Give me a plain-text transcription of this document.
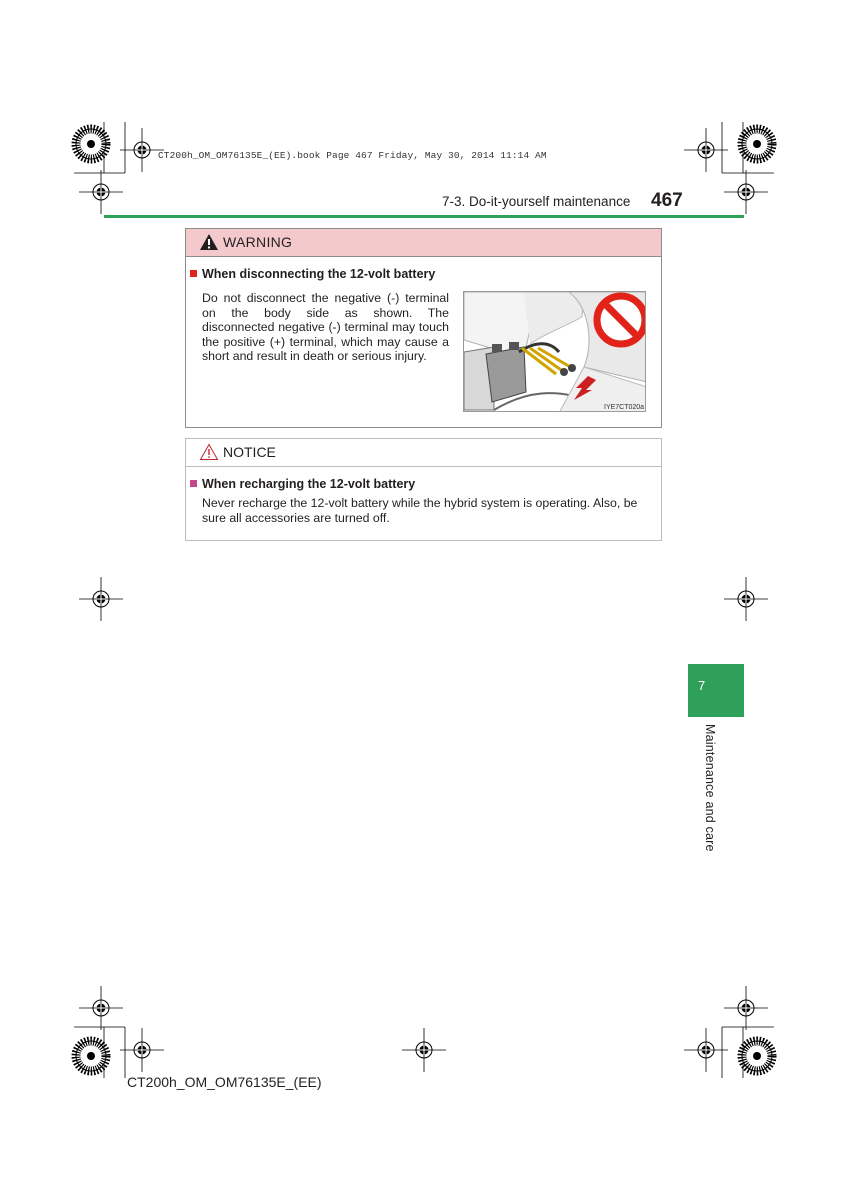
CT200h_OM_OM76135E_(EE).book Page 467 Friday, May 30, 2014 11:14 AM
7-3. Do-it-yourself maintenance 467
WARNING
When disconnecting the 12-volt battery
Do not disconnect the negative (-) terminal on the body side as shown. The disconnected negative (-) terminal may touch the positive (+) terminal, which may cause a short and result in death or serious injury.
IYE7CT020a
NOTICE
When recharging the 12-volt battery
Never recharge the 12-volt battery while the hybrid system is operating. Also, be sure all accessories are turned off.
7
Maintenance and care
CT200h_OM_OM76135E_(EE)
